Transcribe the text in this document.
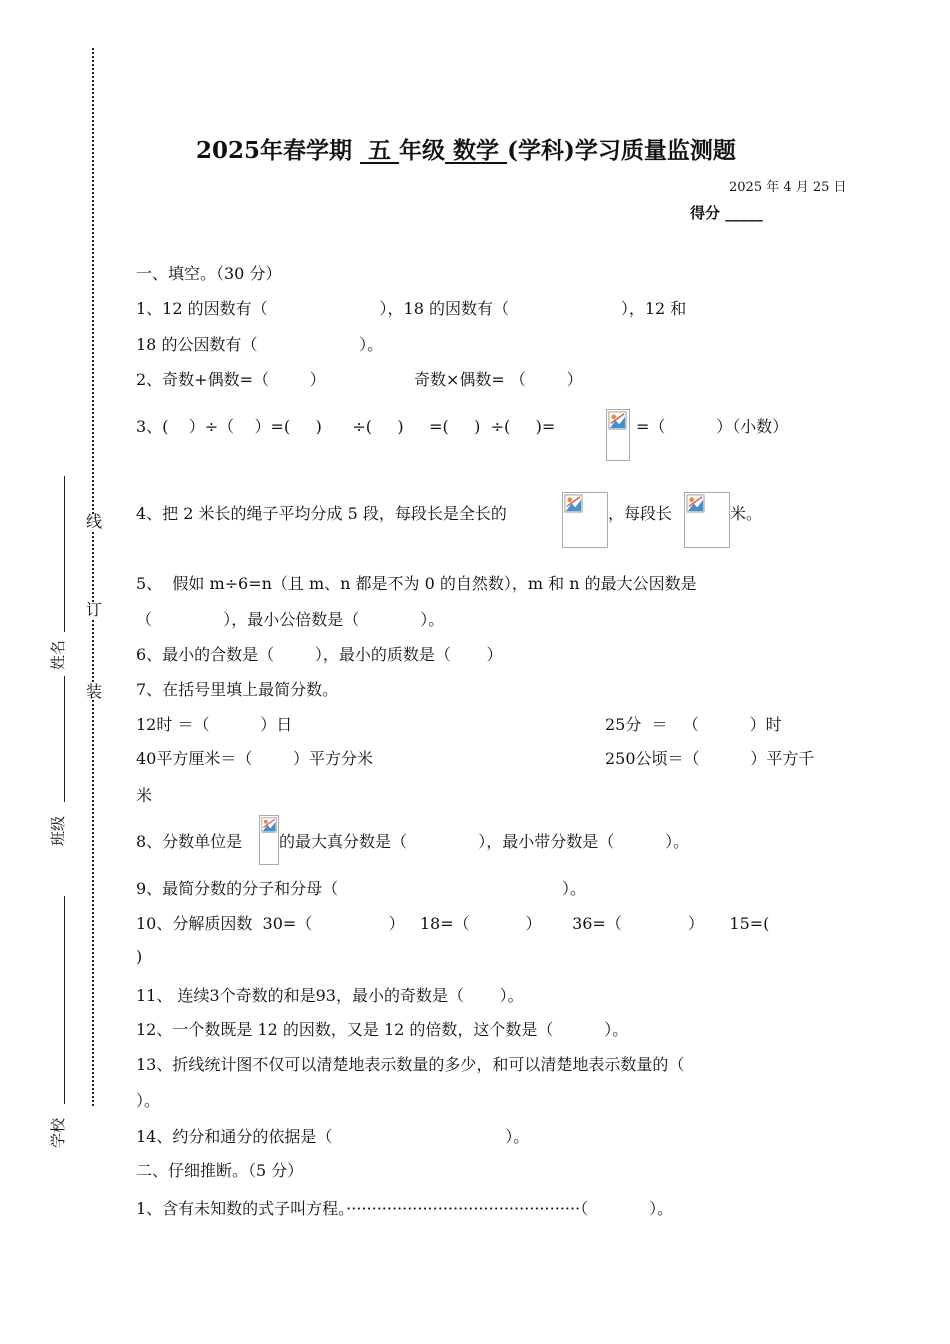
线
订
装
姓名
班级
学校
2025年春学期  五 年级 数学 (学科)学习质量监测题
2025 年 4 月 25 日
得分 _____
一、填空。（30 分）
1、12 的因数有（                      ），18 的因数有（                      ），12 和
18 的公因数有（                    ）。
2、奇数+偶数=（        ）	奇数×偶数= （        ）
3、(    ）÷（    ）=(     )      ÷(     )     =(     )  ÷(     )=	=（          ）（小数）
4、把 2 米长的绳子平均分成 5 段，每段长是全长的	，每段长	米。
5、  假如 m÷6=n（且 m、n 都是不为 0 的自然数），m 和 n 的最大公因数是
（              ），最小公倍数是（            ）。
6、最小的合数是（        ），最小的质数是（       ）
7、在括号里填上最简分数。
12时 ＝（          ）日	25分  ＝   （          ）时
40平方厘米＝（        ）平方分米	250公顷＝（          ）平方千
米
8、分数单位是 的最大真分数是（              ），最小带分数是（          ）。
9、最简分数的分子和分母（                                            ）。
10、分解质因数  30=（               ）   18=（           ）      36=（             ）     15=(
)
11、 连续3个奇数的和是93，最小的奇数是（       ）。
12、一个数既是 12 的因数，又是 12 的倍数，这个数是（          ）。
13、折线统计图不仅可以清楚地表示数量的多少，和可以清楚地表示数量的（
）。
14、约分和通分的依据是（                                  ）。
二、仔细推断。（5 分）
1、含有未知数的式子叫方程。··············································（            ）。
